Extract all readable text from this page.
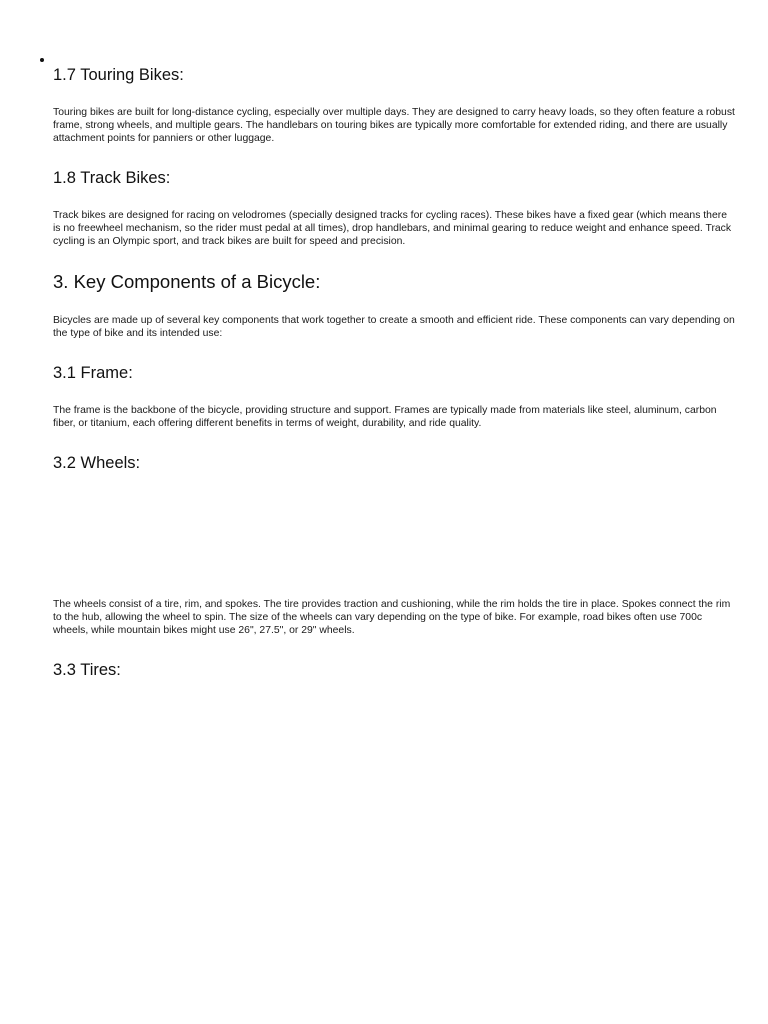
1.7 Touring Bikes:

Touring bikes are built for long-distance cycling, especially over multiple days. They are designed to carry heavy loads, so they often feature a robust frame, strong wheels, and multiple gears. The handlebars on touring bikes are typically more comfortable for extended riding, and there are usually attachment points for panniers or other luggage.

1.8 Track Bikes:

Track bikes are designed for racing on velodromes (specially designed tracks for cycling races). These bikes have a fixed gear (which means there is no freewheel mechanism, so the rider must pedal at all times), drop handlebars, and minimal gearing to reduce weight and enhance speed. Track cycling is an Olympic sport, and track bikes are built for speed and precision.

3. Key Components of a Bicycle:

Bicycles are made up of several key components that work together to create a smooth and efficient ride. These components can vary depending on the type of bike and its intended use:

3.1 Frame:

The frame is the backbone of the bicycle, providing structure and support. Frames are typically made from materials like steel, aluminum, carbon fiber, or titanium, each offering different benefits in terms of weight, durability, and ride quality.

3.2 Wheels:

The wheels consist of a tire, rim, and spokes. The tire provides traction and cushioning, while the rim holds the tire in place. Spokes connect the rim to the hub, allowing the wheel to spin. The size of the wheels can vary depending on the type of bike. For example, road bikes often use 700c wheels, while mountain bikes might use 26", 27.5", or 29" wheels.

3.3 Tires:
